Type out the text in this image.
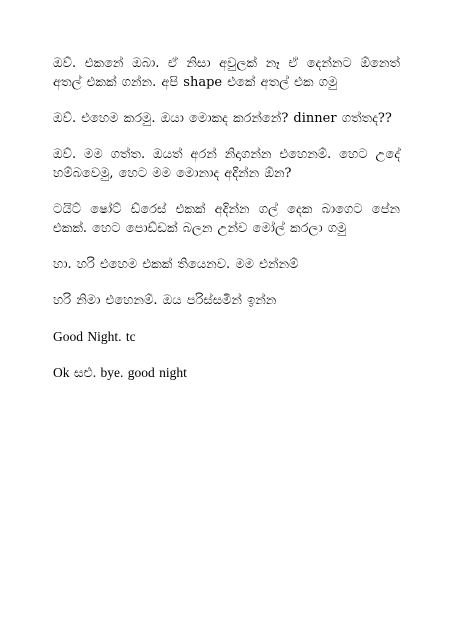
ඔව්. එකනේ ඔබා. ඒ නිසා අවුලක් නෑ ඒ දෙන්නට ඕනෙත් අතල් එකක් ගන්න. අපි shape එකේ අතල් එක ගමු

ඔව්. එහෙම කරමු. ඔයා මොකද කරන්නේ? dinner ගත්තද??

ඔව්. මම ගත්ත. ඔයත් අරන් නිදාගන්න එහෙනම්. හෙට උදේ හම්බවෙමු, හෙට මම මොනාද අදින්න ඕන?

ටයිට් ෂෝට් ඩ්රෙස් එකක් අදින්න ගල් දෙක බාගෙට පේන එකක්. හෙට පොඩ්ඩක් බලන උන්ව මෝල් කරලා ගමු

හා. හරි එහෙම එකක් තියෙනව. මම එන්නම්

හරි නිමා එහෙනම්. ඔය පරිස්සමින් ඉන්න

Good Night. tc

Ok සළු. bye. good night
